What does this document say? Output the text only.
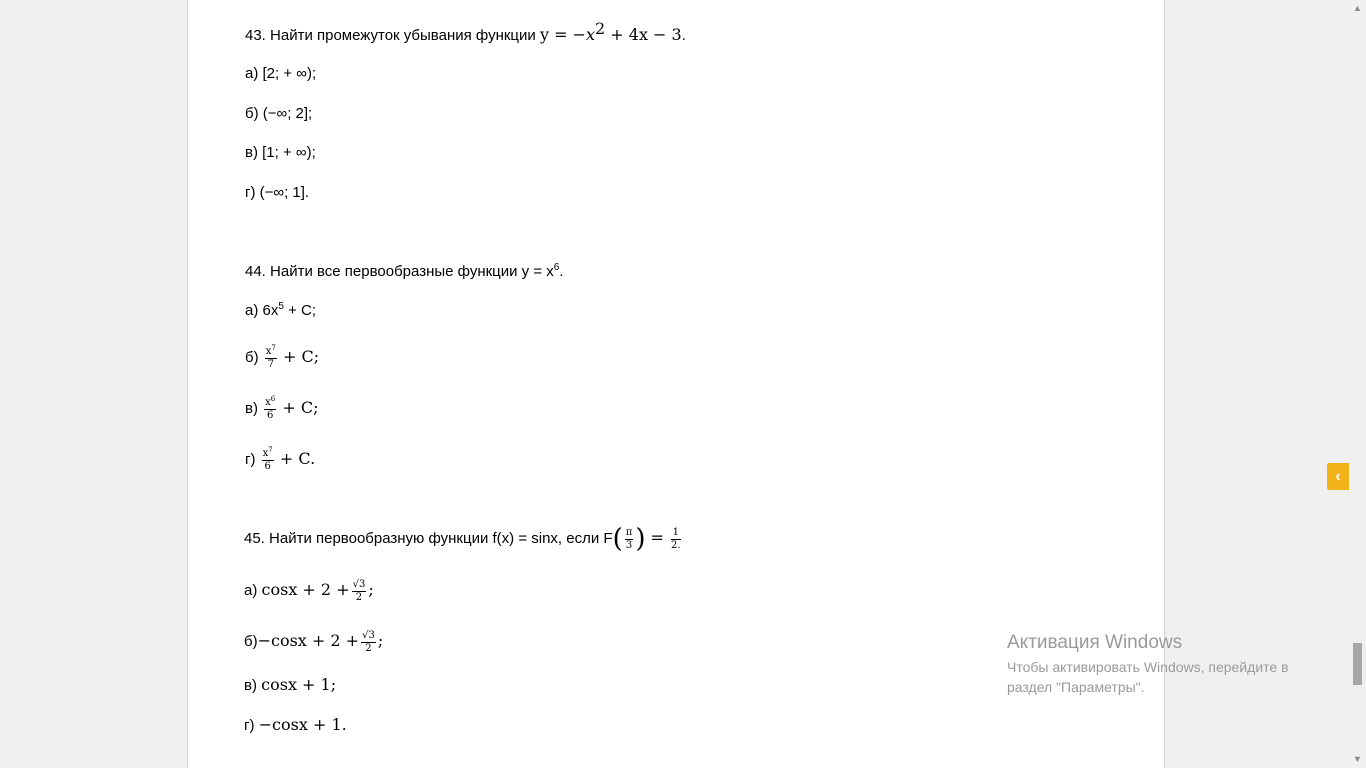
43. Найти промежуток убывания функции $y = -x^2 + 4x - 3$.
а) [2; + ∞);
б) (−∞; 2];
в) [1; + ∞);
г) (−∞; 1].
44. Найти все первообразные функции $y = x^6$.
а) $6x^5 + C$;
$б) \frac{x^7}{7} + C$;
$в) \frac{x^6}{6} + C$;
$г) \frac{x^7}{6} + C$.
45. Найти первообразную функции f(x) = sinx, если $F( \frac{\pi}{3}$ ) = $\frac{1}{2.}$
а) $\cos x + 2 + \frac{√3}{2}$ ;
$б)-\cos x + 2 + \frac{√3}{2}$ ;
в) cosx + 1;
г) −cosx + 1.
Активация Windows
Чтобы активировать Windows, перейдите в раздел "Параметры".
‹
▲
▼
